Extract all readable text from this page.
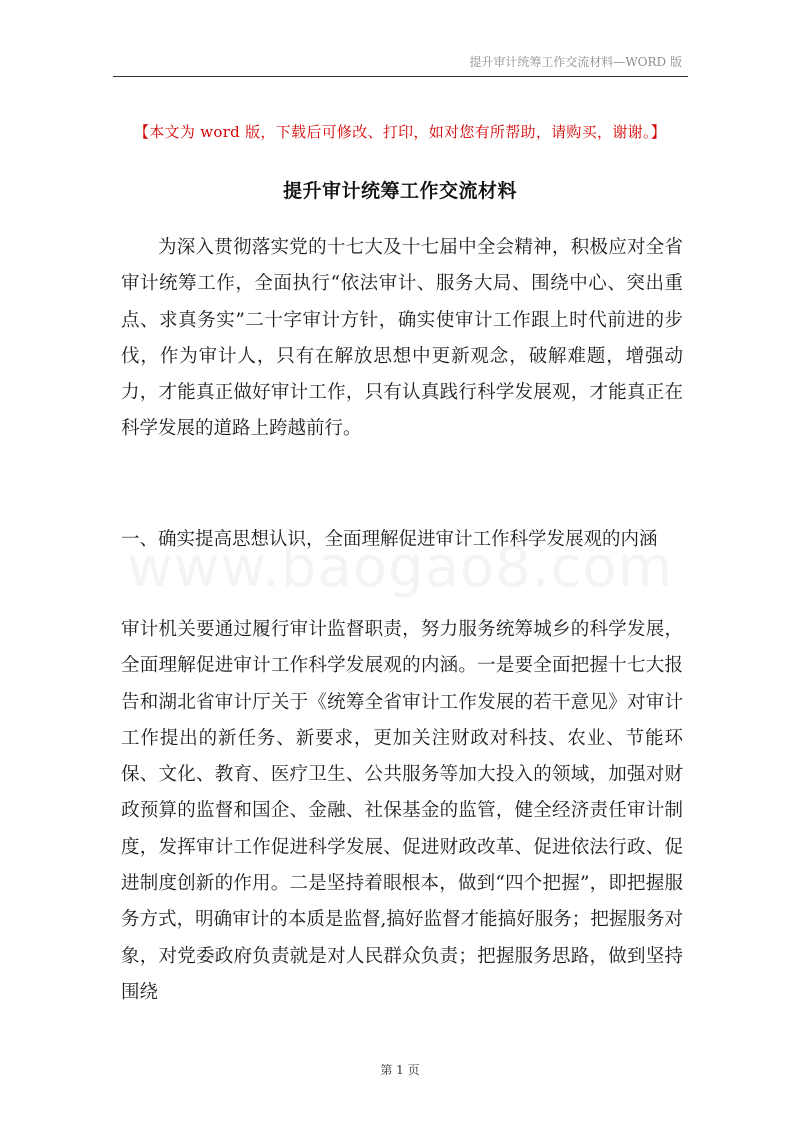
提升审计统筹工作交流材料—WORD 版
【本文为 word 版，下载后可修改、打印，如对您有所帮助，请购买，谢谢。】
提升审计统筹工作交流材料

为深入贯彻落实党的十七大及十七届中全会精神，积极应对全省审计统筹工作，全面执行“依法审计、服务大局、围绕中心、突出重点、求真务实”二十字审计方针，确实使审计工作跟上时代前进的步伐，作为审计人，只有在解放思想中更新观念，破解难题，增强动力，才能真正做好审计工作，只有认真践行科学发展观，才能真正在科学发展的道路上跨越前行。

一、确实提高思想认识，全面理解促进审计工作科学发展观的内涵

审计机关要通过履行审计监督职责，努力服务统筹城乡的科学发展，全面理解促进审计工作科学发展观的内涵。一是要全面把握十七大报告和湖北省审计厅关于《统筹全省审计工作发展的若干意见》对审计工作提出的新任务、新要求，更加关注财政对科技、农业、节能环保、文化、教育、医疗卫生、公共服务等加大投入的领域，加强对财政预算的监督和国企、金融、社保基金的监管，健全经济责任审计制度，发挥审计工作促进科学发展、促进财政改革、促进依法行政、促进制度创新的作用。二是坚持着眼根本，做到“四个把握”，即把握服务方式，明确审计的本质是监督,搞好监督才能搞好服务；把握服务对象，对党委政府负责就是对人民群众负责；把握服务思路，做到坚持围绕

第 1 页
